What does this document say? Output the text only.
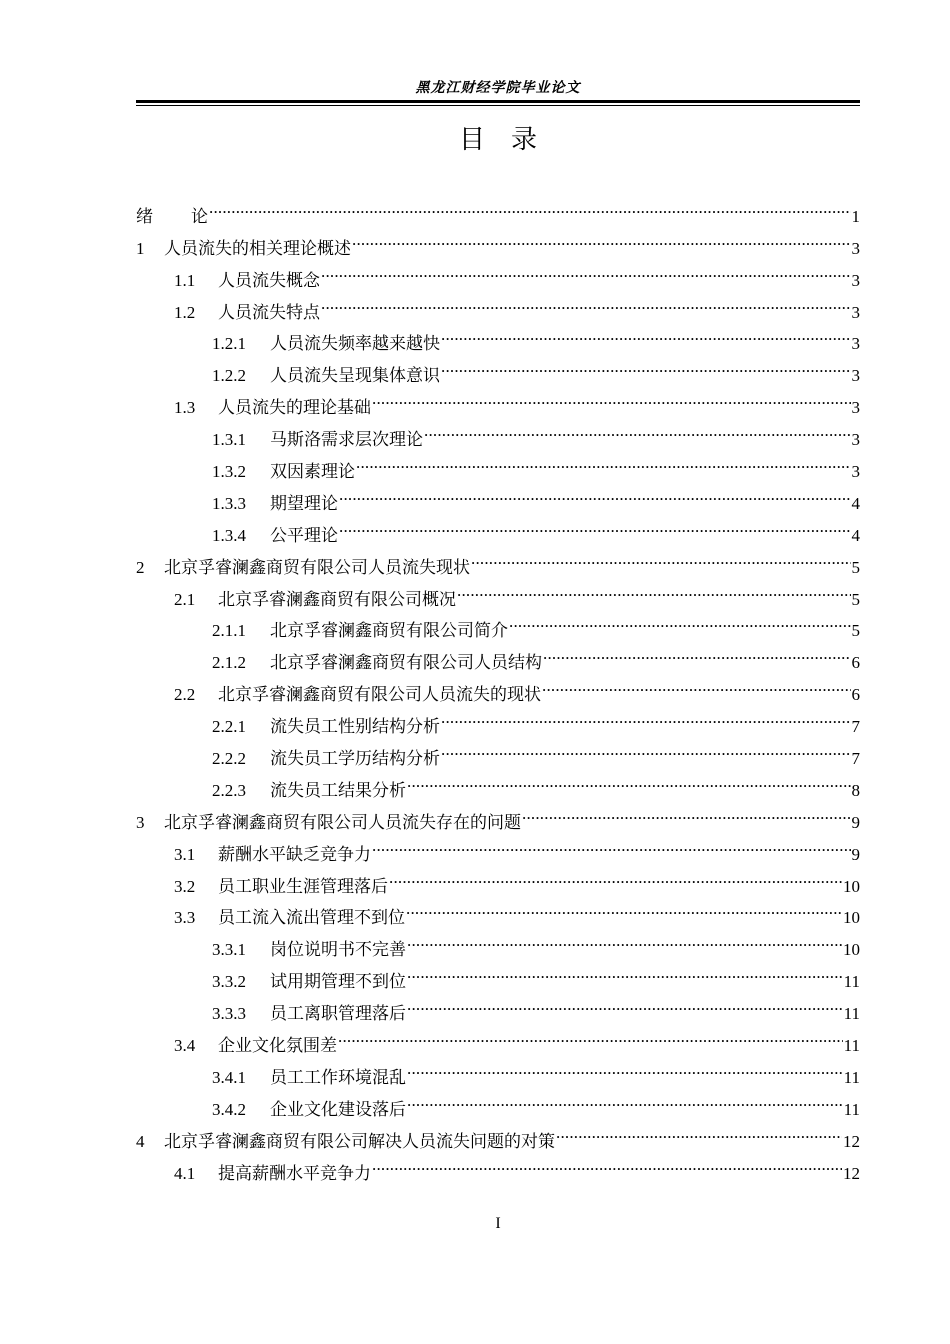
黑龙江财经学院毕业论文
目　录
绪论 .....	1
1	人员流失的相关理论概述 .....	3
1.1	人员流失概念 .....	3
1.2	人员流失特点 .....	3
1.2.1	人员流失频率越来越快 .....	3
1.2.2	人员流失呈现集体意识 .....	3
1.3	人员流失的理论基础 .....	3
1.3.1	马斯洛需求层次理论 .....	3
1.3.2	双因素理论 .....	3
1.3.3	期望理论 .....	4
1.3.4	公平理论 .....	4
2	北京孚睿澜鑫商贸有限公司人员流失现状 .....	5
2.1	北京孚睿澜鑫商贸有限公司概况 .....	5
2.1.1	北京孚睿澜鑫商贸有限公司简介 .....	5
2.1.2	北京孚睿澜鑫商贸有限公司人员结构 .....	6
2.2	北京孚睿澜鑫商贸有限公司人员流失的现状 .....	6
2.2.1	流失员工性别结构分析 .....	7
2.2.2	流失员工学历结构分析 .....	7
2.2.3	流失员工结果分析 .....	8
3	北京孚睿澜鑫商贸有限公司人员流失存在的问题 .....	9
3.1	薪酬水平缺乏竞争力 .....	9
3.2	员工职业生涯管理落后 .....	10
3.3	员工流入流出管理不到位 .....	10
3.3.1	岗位说明书不完善 .....	10
3.3.2	试用期管理不到位 .....	11
3.3.3	员工离职管理落后 .....	11
3.4	企业文化氛围差 .....	11
3.4.1	员工工作环境混乱 .....	11
3.4.2	企业文化建设落后 .....	11
4	北京孚睿澜鑫商贸有限公司解决人员流失问题的对策 .....	12
4.1	提高薪酬水平竞争力 .....	12
I
